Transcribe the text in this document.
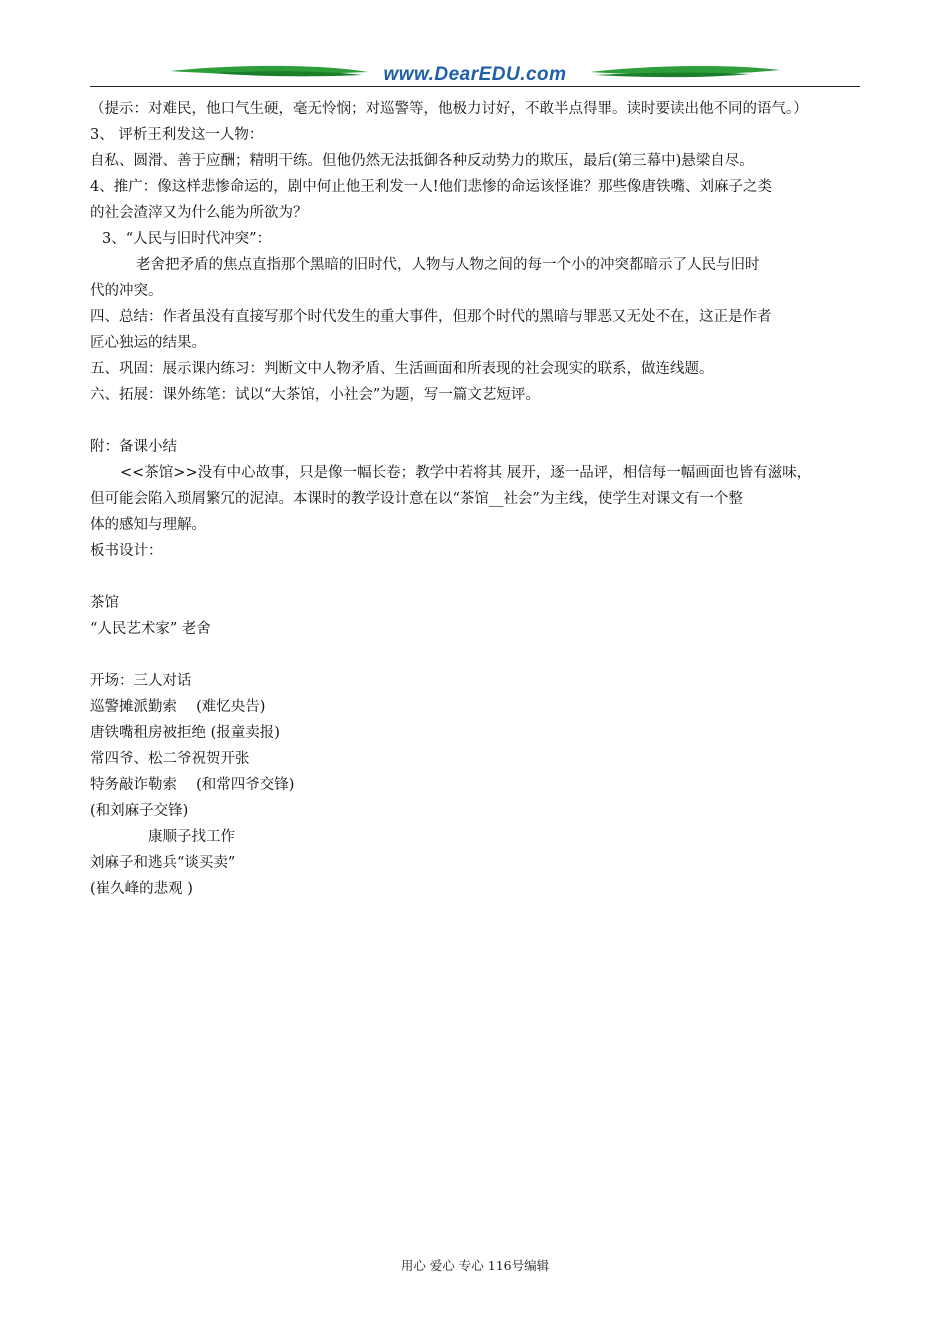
www.DearEDU.com
（提示：对难民，他口气生硬，毫无怜悯；对巡警等，他极力讨好，不敢半点得罪。读时要读出他不同的语气。）
3、 评析王利发这一人物：
自私、圆滑、善于应酬；精明干练。但他仍然无法抵御各种反动势力的欺压，最后(第三幕中)悬梁自尽。
4、推广：像这样悲惨命运的，剧中何止他王利发一人!他们悲惨的命运该怪谁？那些像唐铁嘴、刘麻子之类
的社会渣滓又为什么能为所欲为？
3、“人民与旧时代冲突”：
老舍把矛盾的焦点直指那个黑暗的旧时代，人物与人物之间的每一个小的冲突都暗示了人民与旧时
代的冲突。
四、总结：作者虽没有直接写那个时代发生的重大事件，但那个时代的黑暗与罪恶又无处不在，这正是作者
匠心独运的结果。
五、巩固：展示课内练习：判断文中人物矛盾、生活画面和所表现的社会现实的联系，做连线题。
六、拓展：课外练笔：试以“大茶馆，小社会”为题，写一篇文艺短评。
附：备课小结
<<茶馆>>没有中心故事，只是像一幅长卷；教学中若将其 展开，逐一品评，相信每一幅画面也皆有滋味，
但可能会陷入琐屑繁冗的泥淖。本课时的教学设计意在以“茶馆__社会”为主线，使学生对课文有一个整
体的感知与理解。
板书设计：
茶馆
“人民艺术家” 老舍
开场：三人对话
巡警摊派勤索　 (难忆央告)
唐铁嘴租房被拒绝 (报童卖报)
常四爷、松二爷祝贺开张
特务敲诈勒索　 (和常四爷交锋)
(和刘麻子交锋)
康顺子找工作
刘麻子和逃兵“谈买卖”
(崔久峰的悲观 )
用心 爱心 专心 116号编辑
